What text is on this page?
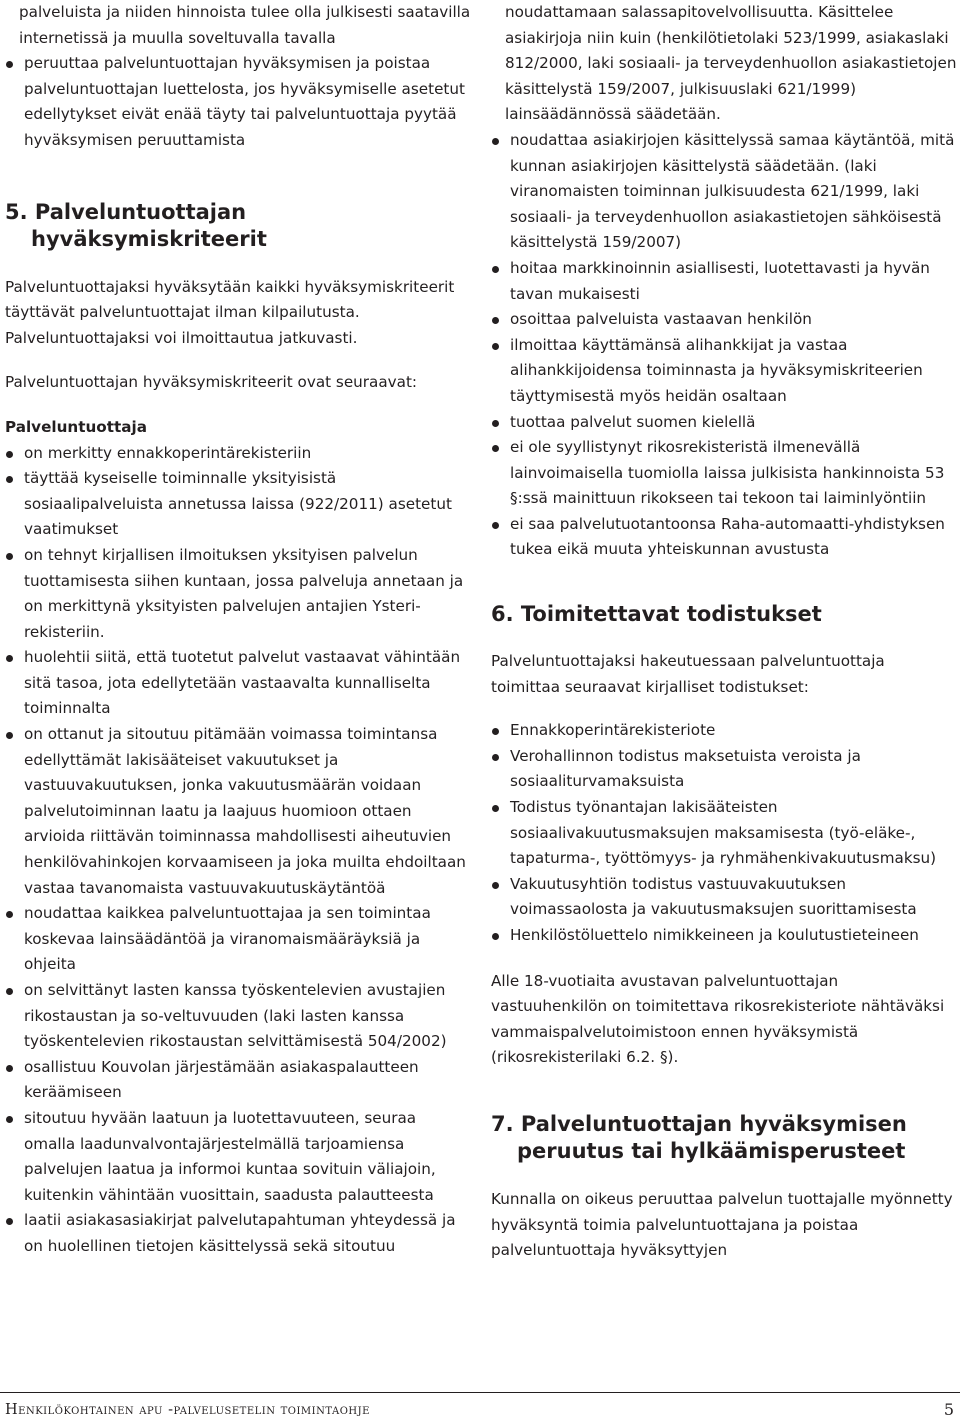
palveluista ja niiden hinnoista tulee olla julkisesti saatavilla internetissä ja muulla soveltuvalla tavalla

peruuttaa palveluntuottajan hyväksymisen ja poistaa palveluntuottajan luettelosta, jos hyväksymiselle asetetut edellytykset eivät enää täyty tai palveluntuottaja pyytää hyväksymisen peruuttamista
5. Palveluntuottajan hyväksymiskriteerit

Palveluntuottajaksi hyväksytään kaikki hyväksymiskriteerit täyttävät palveluntuottajat ilman kilpailutusta. Palveluntuottajaksi voi ilmoittautua jatkuvasti.

Palveluntuottajan hyväksymiskriteerit ovat seuraavat:

Palveluntuottaja

on merkitty ennakkoperintärekisteriin
täyttää kyseiselle toiminnalle yksityisistä sosiaalipalveluista annetussa laissa (922/2011) asetetut vaatimukset
on tehnyt kirjallisen ilmoituksen yksityisen palvelun tuottamisesta siihen kuntaan, jossa palveluja annetaan ja on merkittynä yksityisten palvelujen antajien Ysteri-rekisteriin.
huolehtii siitä, että tuotetut palvelut vastaavat vähintään sitä tasoa, jota edellytetään vastaavalta kunnalliselta toiminnalta
on ottanut ja sitoutuu pitämään voimassa toimintansa edellyttämät lakisääteiset vakuutukset ja vastuuvakuutuksen, jonka vakuutusmäärän voidaan palvelutoiminnan laatu ja laajuus huomioon ottaen arvioida riittävän toiminnassa mahdollisesti aiheutuvien henkilövahinkojen korvaamiseen ja joka muilta ehdoiltaan vastaa tavanomaista vastuuvakuutuskäytäntöä
noudattaa kaikkea palveluntuottajaa ja sen toimintaa koskevaa lainsäädäntöä ja viranomaismääräyksiä ja ohjeita
on selvittänyt lasten kanssa työskentelevien avustajien rikostaustan ja so-veltuvuuden (laki lasten kanssa työskentelevien rikostaustan selvittämisestä 504/2002)
osallistuu Kouvolan järjestämään asiakaspalautteen keräämiseen
sitoutuu hyvään laatuun ja luotettavuuteen, seuraa omalla laadunvalvontajärjestelmällä tarjoamiensa palvelujen laatua ja informoi kuntaa sovituin väliajoin, kuitenkin vähintään vuosittain, saadusta palautteesta
laatii asiakasasiakirjat palvelutapahtuman yhteydessä ja on huolellinen tietojen käsittelyssä sekä sitoutuu

noudattamaan salassapitovelvollisuutta. Käsittelee asiakirjoja niin kuin (henkilötietolaki 523/1999, asiakaslaki 812/2000, laki sosiaali- ja terveydenhuollon asiakastietojen käsittelystä 159/2007, julkisuuslaki 621/1999) lainsäädännössä säädetään.

noudattaa asiakirjojen käsittelyssä samaa käytäntöä, mitä kunnan asiakirjojen käsittelystä säädetään. (laki viranomaisten toiminnan julkisuudesta 621/1999, laki sosiaali- ja terveydenhuollon asiakastietojen sähköisestä käsittelystä 159/2007)
hoitaa markkinoinnin asiallisesti, luotettavasti ja hyvän tavan mukaisesti
osoittaa palveluista vastaavan henkilön
ilmoittaa käyttämänsä alihankkijat ja vastaa alihankkijoidensa toiminnasta ja hyväksymiskriteerien täyttymisestä myös heidän osaltaan
tuottaa palvelut suomen kielellä
ei ole syyllistynyt rikosrekisteristä ilmenevällä lainvoimaisella tuomiolla laissa julkisista hankinnoista 53 §:ssä mainittuun rikokseen tai tekoon tai laiminlyöntiin
ei saa palvelutuotantoonsa Raha-automaatti-yhdistyksen tukea eikä muuta yhteiskunnan avustusta
6. Toimitettavat todistukset

Palveluntuottajaksi hakeutuessaan palveluntuottaja toimittaa seuraavat kirjalliset todistukset:

Ennakkoperintärekisteriote
Verohallinnon todistus maksetuista veroista ja sosiaaliturvamaksuista
Todistus työnantajan lakisääteisten sosiaalivakuutusmaksujen maksamisesta (työ-eläke-, tapaturma-, työttömyys- ja ryhmähenkivakuutusmaksu)
Vakuutusyhtiön todistus vastuuvakuutuksen voimassaolosta ja vakuutusmaksujen suorittamisesta
Henkilöstöluettelo nimikkeineen ja koulutustieteineen

Alle 18-vuotiaita avustavan palveluntuottajan vastuuhenkilön on toimitettava rikosrekisteriote nähtäväksi vammaispalvelutoimistoon ennen hyväksymistä (rikosrekisterilaki 6.2. §).

7. Palveluntuottajan hyväksymisen peruutus tai hylkäämisperusteet

Kunnalla on oikeus peruuttaa palvelun tuottajalle myönnetty hyväksyntä toimia palveluntuottajana ja poistaa palveluntuottaja hyväksyttyjen

Henkilökohtainen apu -palvelusetelin toimintaohje	5
